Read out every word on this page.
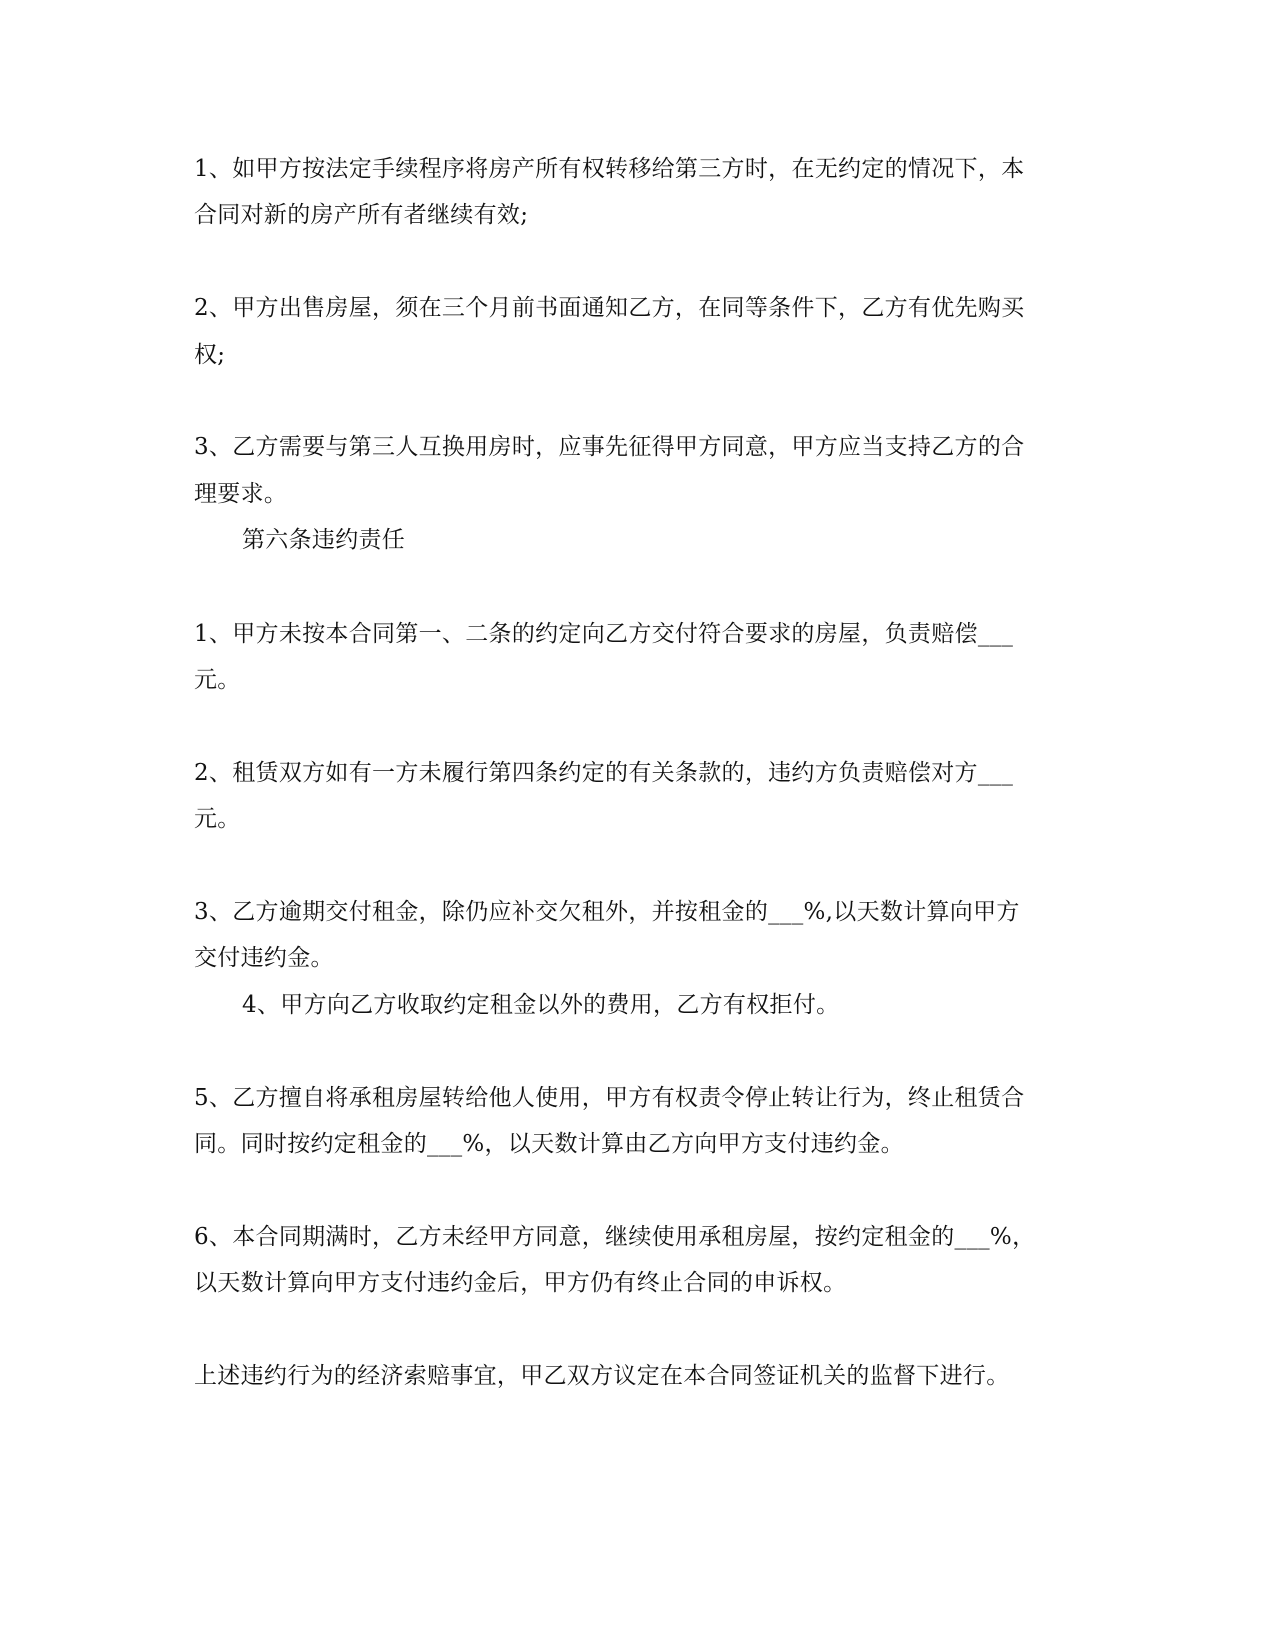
1、如甲方按法定手续程序将房产所有权转移给第三方时，在无约定的情况下，本
合同对新的房产所有者继续有效;
2、甲方出售房屋，须在三个月前书面通知乙方，在同等条件下，乙方有优先购买
权;
3、乙方需要与第三人互换用房时，应事先征得甲方同意，甲方应当支持乙方的合
理要求。
第六条违约责任
1、甲方未按本合同第一、二条的约定向乙方交付符合要求的房屋，负责赔偿___
元。
2、租赁双方如有一方未履行第四条约定的有关条款的，违约方负责赔偿对方___
元。
3、乙方逾期交付租金，除仍应补交欠租外，并按租金的___%,以天数计算向甲方
交付违约金。
4、甲方向乙方收取约定租金以外的费用，乙方有权拒付。
5、乙方擅自将承租房屋转给他人使用，甲方有权责令停止转让行为，终止租赁合
同。同时按约定租金的___%，以天数计算由乙方向甲方支付违约金。
6、本合同期满时，乙方未经甲方同意，继续使用承租房屋，按约定租金的___%，
以天数计算向甲方支付违约金后，甲方仍有终止合同的申诉权。
上述违约行为的经济索赔事宜，甲乙双方议定在本合同签证机关的监督下进行。
